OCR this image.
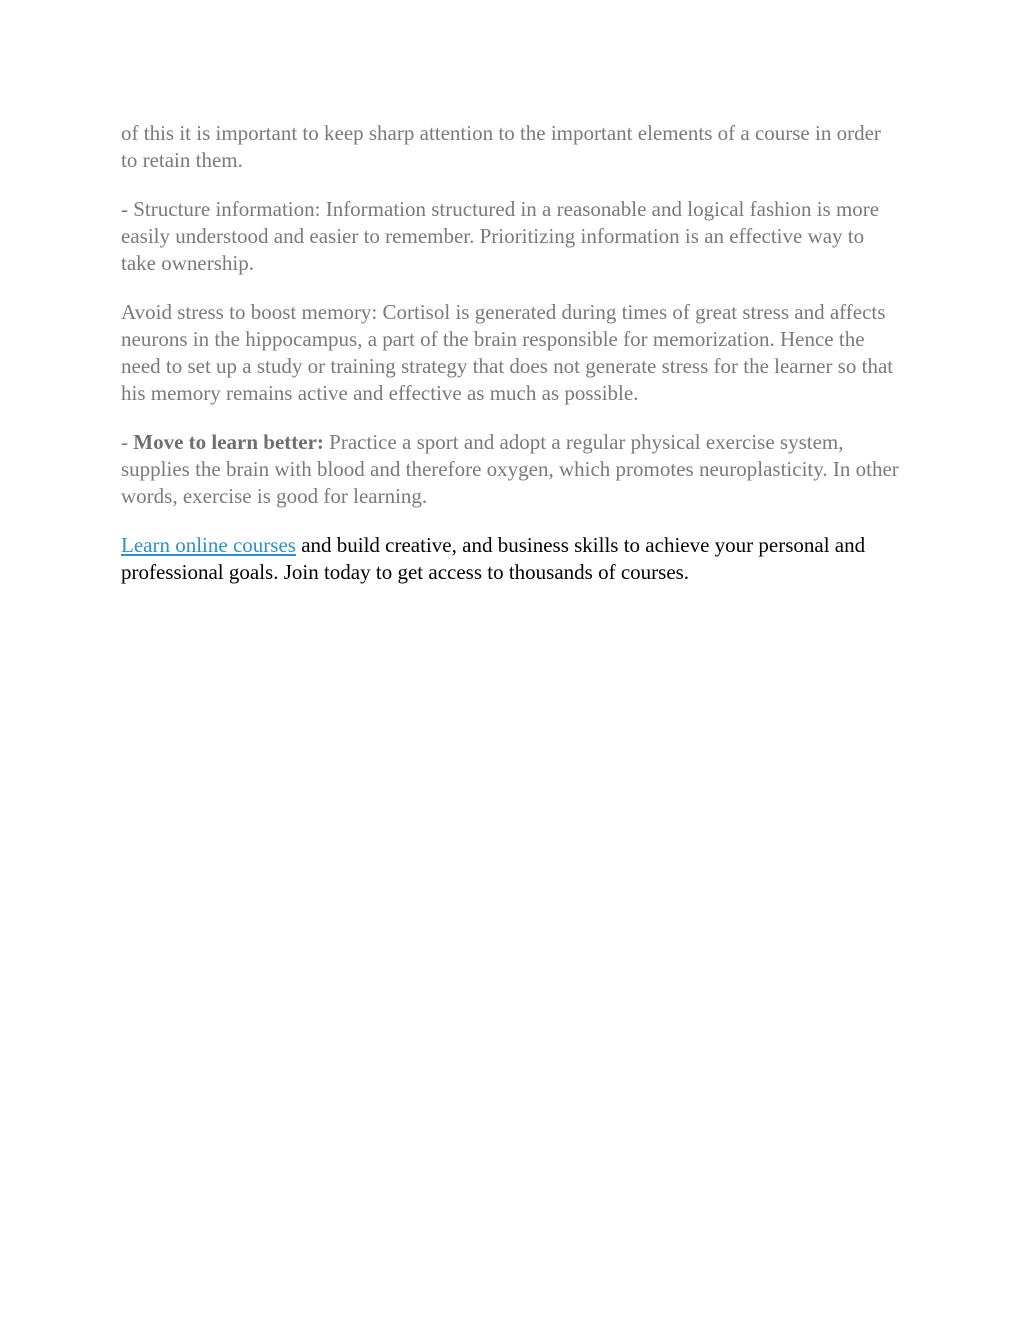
of this it is important to keep sharp attention to the important elements of a course in order to retain them.

- Structure information: Information structured in a reasonable and logical fashion is more easily understood and easier to remember. Prioritizing information is an effective way to take ownership.

Avoid stress to boost memory: Cortisol is generated during times of great stress and affects neurons in the hippocampus, a part of the brain responsible for memorization. Hence the need to set up a study or training strategy that does not generate stress for the learner so that his memory remains active and effective as much as possible.

- Move to learn better: Practice a sport and adopt a regular physical exercise system, supplies the brain with blood and therefore oxygen, which promotes neuroplasticity. In other words, exercise is good for learning.

Learn online courses and build creative, and business skills to achieve your personal and professional goals. Join today to get access to thousands of courses.
